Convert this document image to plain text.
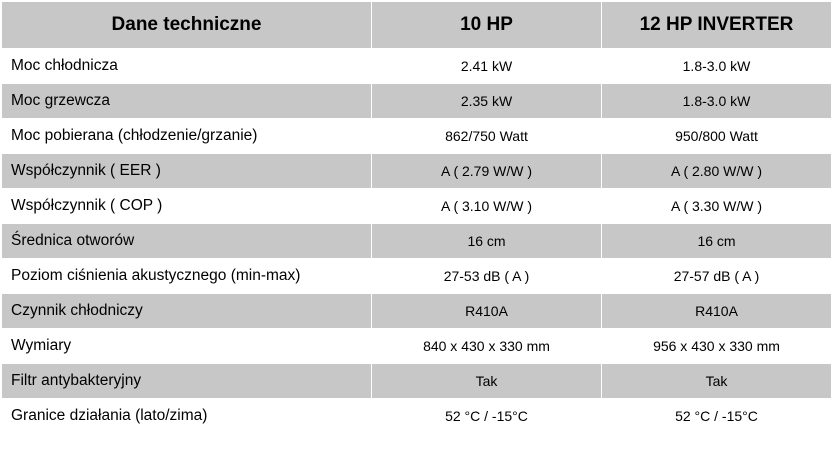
Dane techniczne	10 HP	12 HP INVERTER
Moc chłodnicza	2.41 kW	1.8-3.0 kW
Moc grzewcza	2.35 kW	1.8-3.0 kW
Moc pobierana (chłodzenie/grzanie)	862/750 Watt	950/800 Watt
Współczynnik ( EER )	A ( 2.79 W/W )	A ( 2.80 W/W )
Współczynnik ( COP )	A ( 3.10 W/W )	A ( 3.30 W/W )
Średnica otworów	16 cm	16 cm
Poziom ciśnienia akustycznego (min-max)	27-53 dB ( A )	27-57 dB ( A )
Czynnik chłodniczy	R410A	R410A
Wymiary	840 x 430 x 330 mm	956 x 430 x 330 mm
Filtr antybakteryjny	Tak	Tak
Granice działania (lato/zima)	52 °C / -15°C	52 °C / -15°C
